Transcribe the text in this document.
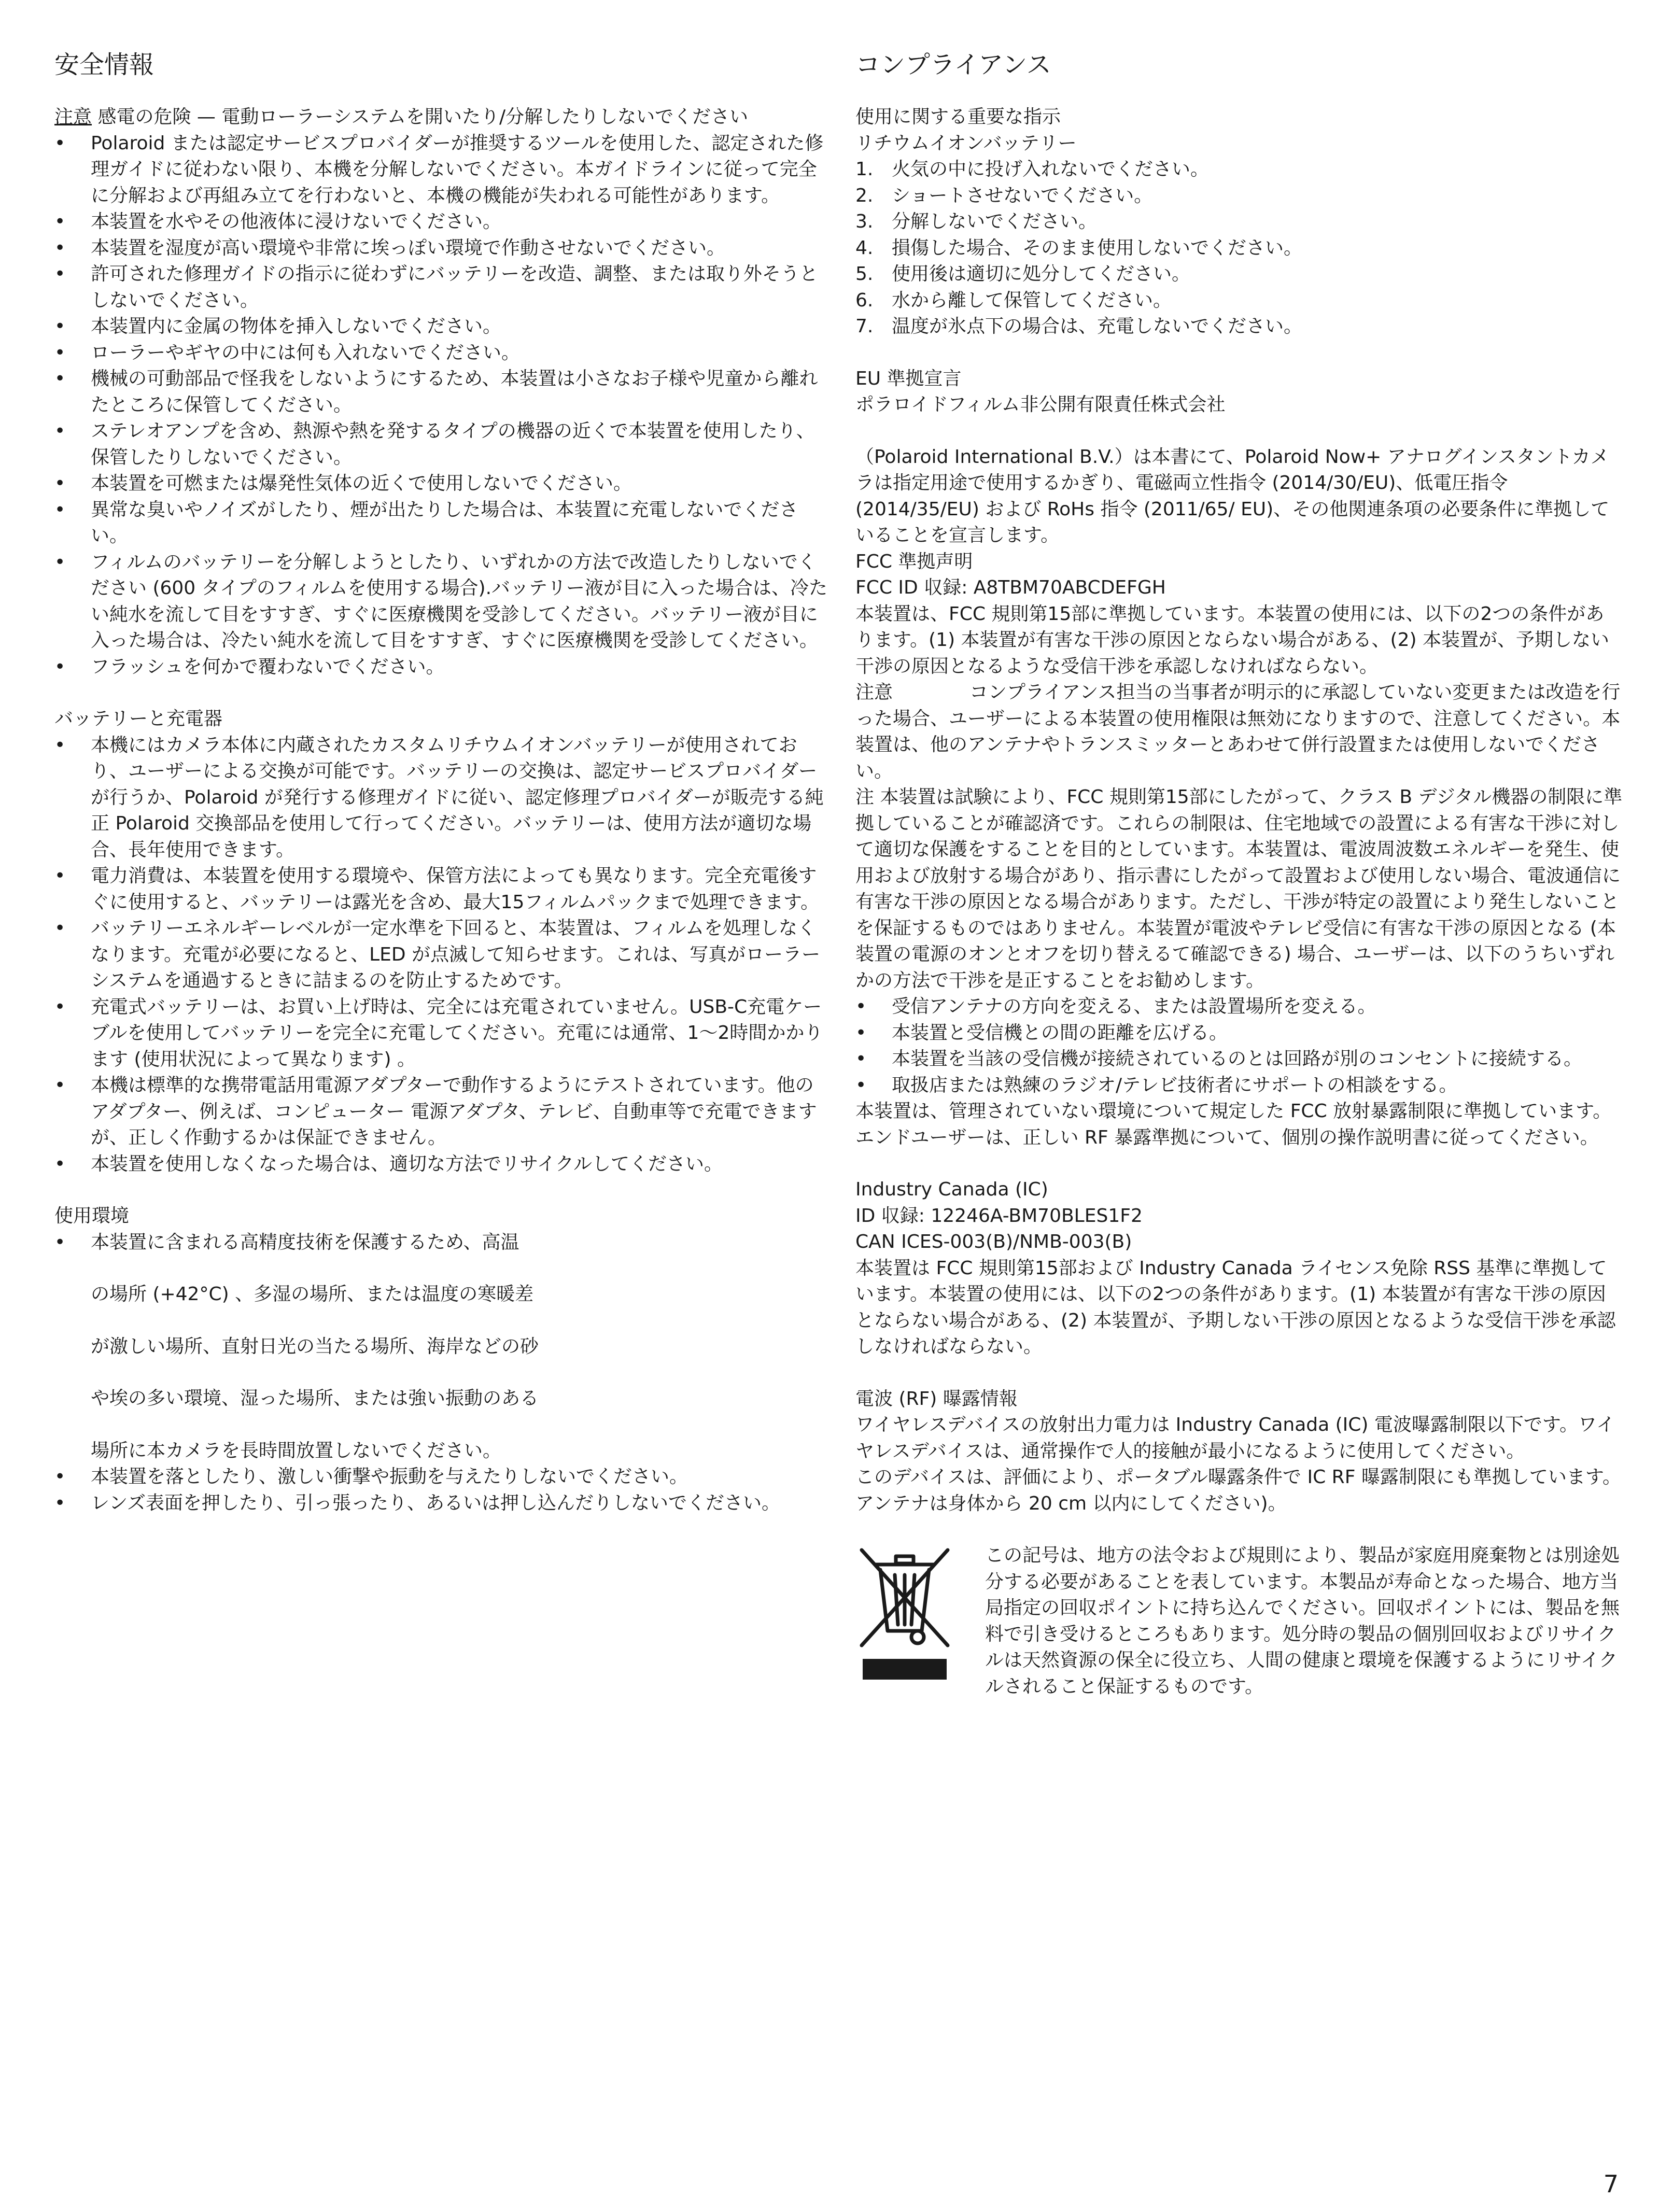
安全情報

注意 感電の危険 — 電動ローラーシステムを開いたり/分解したりしないでください

• Polaroid または認定サービスプロバイダーが推奨するツールを使用した、認定された修理ガイドに従わない限り、本機を分解しないでください。本ガイドラインに従って完全に分解および再組み立てを行わないと、本機の機能が失われる可能性があります。
• 本装置を水やその他液体に浸けないでください。
• 本装置を湿度が高い環境や非常に埃っぽい環境で作動させないでください。
• 許可された修理ガイドの指示に従わずにバッテリーを改造、調整、または取り外そうとしないでください。
• 本装置内に金属の物体を挿入しないでください。
• ローラーやギヤの中には何も入れないでください。
• 機械の可動部品で怪我をしないようにするため、本装置は小さなお子様や児童から離れたところに保管してください。
• ステレオアンプを含め、熱源や熱を発するタイプの機器の近くで本装置を使用したり、保管したりしないでください。
• 本装置を可燃または爆発性気体の近くで使用しないでください。
• 異常な臭いやノイズがしたり、煙が出たりした場合は、本装置に充電しないでください。
• フィルムのバッテリーを分解しようとしたり、いずれかの方法で改造したりしないでください (600 タイプのフィルムを使用する場合).バッテリー液が目に入った場合は、冷たい純水を流して目をすすぎ、すぐに医療機関を受診してください。バッテリー液が目に入った場合は、冷たい純水を流して目をすすぎ、すぐに医療機関を受診してください。
• フラッシュを何かで覆わないでください。

バッテリーと充電器

• 本機にはカメラ本体に内蔵されたカスタムリチウムイオンバッテリーが使用されており、ユーザーによる交換が可能です。バッテリーの交換は、認定サービスプロバイダーが行うか、Polaroid が発行する修理ガイドに従い、認定修理プロバイダーが販売する純正 Polaroid 交換部品を使用して行ってください。バッテリーは、使用方法が適切な場合、長年使用できます。
• 電力消費は、本装置を使用する環境や、保管方法によっても異なります。完全充電後すぐに使用すると、バッテリーは露光を含め、最大15フィルムパックまで処理できます。
• バッテリーエネルギーレベルが一定水準を下回ると、本装置は、フィルムを処理しなくなります。充電が必要になると、LED が点滅して知らせます。これは、写真がローラーシステムを通過するときに詰まるのを防止するためです。
• 充電式バッテリーは、お買い上げ時は、完全には充電されていません。USB-C充電ケーブルを使用してバッテリーを完全に充電してください。充電には通常、1～2時間かかります (使用状況によって異なります) 。
• 本機は標準的な携帯電話用電源アダプターで動作するようにテストされています。他の アダプター、例えば、コンピューター 電源アダプタ、テレビ、自動車等で充電できますが、正しく作動するかは保証できません。
• 本装置を使用しなくなった場合は、適切な方法でリサイクルしてください。

使用環境

• 本装置に含まれる高精度技術を保護するため、高温
の場所 (+42°C) 、多湿の場所、または温度の寒暖差
が激しい場所、直射日光の当たる場所、海岸などの砂
や埃の多い環境、湿った場所、または強い振動のある
場所に本カメラを長時間放置しないでください。
• 本装置を落としたり、激しい衝撃や振動を与えたりしないでください。
• レンズ表面を押したり、引っ張ったり、あるいは押し込んだりしないでください。
コンプライアンス

使用に関する重要な指示

リチウムイオンバッテリー

1. 火気の中に投げ入れないでください。
2. ショートさせないでください。
3. 分解しないでください。
4. 損傷した場合、そのまま使用しないでください。
5. 使用後は適切に処分してください。
6. 水から離して保管してください。
7. 温度が氷点下の場合は、充電しないでください。

EU 準拠宣言

ポラロイドフィルム非公開有限責任株式会社

（Polaroid International B.V.）は本書にて、Polaroid Now+ アナログインスタントカメラは指定用途で使用するかぎり、電磁両立性指令 (2014/30/EU)、低電圧指令 (2014/35/EU) および RoHs 指令 (2011/65/ EU)、その他関連条項の必要条件に準拠していることを宣言します。

FCC 準拠声明

FCC ID 収録: A8TBM70ABCDEFGH

本装置は、FCC 規則第15部に準拠しています。本装置の使用には、以下の2つの条件があります。(1) 本装置が有害な干渉の原因とならない場合がある、(2) 本装置が、予期しない干渉の原因となるような受信干渉を承認しなければならない。

注意	コンプライアンス担当の当事者が明示的に承認していない変更または改造を行った場合、ユーザーによる本装置の使用権限は無効になりますので、注意してください。本装置は、他のアンテナやトランスミッターとあわせて併行設置または使用しないでください。

注 本装置は試験により、FCC 規則第15部にしたがって、クラス B デジタル機器の制限に準拠していることが確認済です。これらの制限は、住宅地域での設置による有害な干渉に対して適切な保護をすることを目的としています。本装置は、電波周波数エネルギーを発生、使用および放射する場合があり、指示書にしたがって設置および使用しない場合、電波通信に有害な干渉の原因となる場合があります。ただし、干渉が特定の設置により発生しないことを保証するものではありません。本装置が電波やテレビ受信に有害な干渉の原因となる (本装置の電源のオンとオフを切り替えるて確認できる) 場合、ユーザーは、以下のうちいずれかの方法で干渉を是正することをお勧めします。

• 受信アンテナの方向を変える、または設置場所を変える。
• 本装置と受信機との間の距離を広げる。
• 本装置を当該の受信機が接続されているのとは回路が別のコンセントに接続する。
• 取扱店または熟練のラジオ/テレビ技術者にサポートの相談をする。

本装置は、管理されていない環境について規定した FCC 放射暴露制限に準拠しています。エンドユーザーは、正しい RF 暴露準拠について、個別の操作説明書に従ってください。

Industry Canada (IC)

ID 収録: 12246A-BM70BLES1F2

CAN ICES-003(B)/NMB-003(B)

本装置は FCC 規則第15部および Industry Canada ライセンス免除 RSS 基準に準拠しています。本装置の使用には、以下の2つの条件があります。(1) 本装置が有害な干渉の原因とならない場合がある、(2) 本装置が、予期しない干渉の原因となるような受信干渉を承認しなければならない。

電波 (RF) 曝露情報

ワイヤレスデバイスの放射出力電力は Industry Canada (IC) 電波曝露制限以下です。ワイヤレスデバイスは、通常操作で人的接触が最小になるように使用してください。

このデバイスは、評価により、ポータブル曝露条件で IC RF 曝露制限にも準拠しています。アンテナは身体から 20 cm 以内にしてください)。

この記号は、地方の法令および規則により、製品が家庭用廃棄物とは別途処分する必要があることを表しています。本製品が寿命となった場合、地方当局指定の回収ポイントに持ち込んでください。回収ポイントには、製品を無料で引き受けるところもあります。処分時の製品の個別回収およびリサイクルは天然資源の保全に役立ち、人間の健康と環境を保護するようにリサイクルされること保証するものです。

7
